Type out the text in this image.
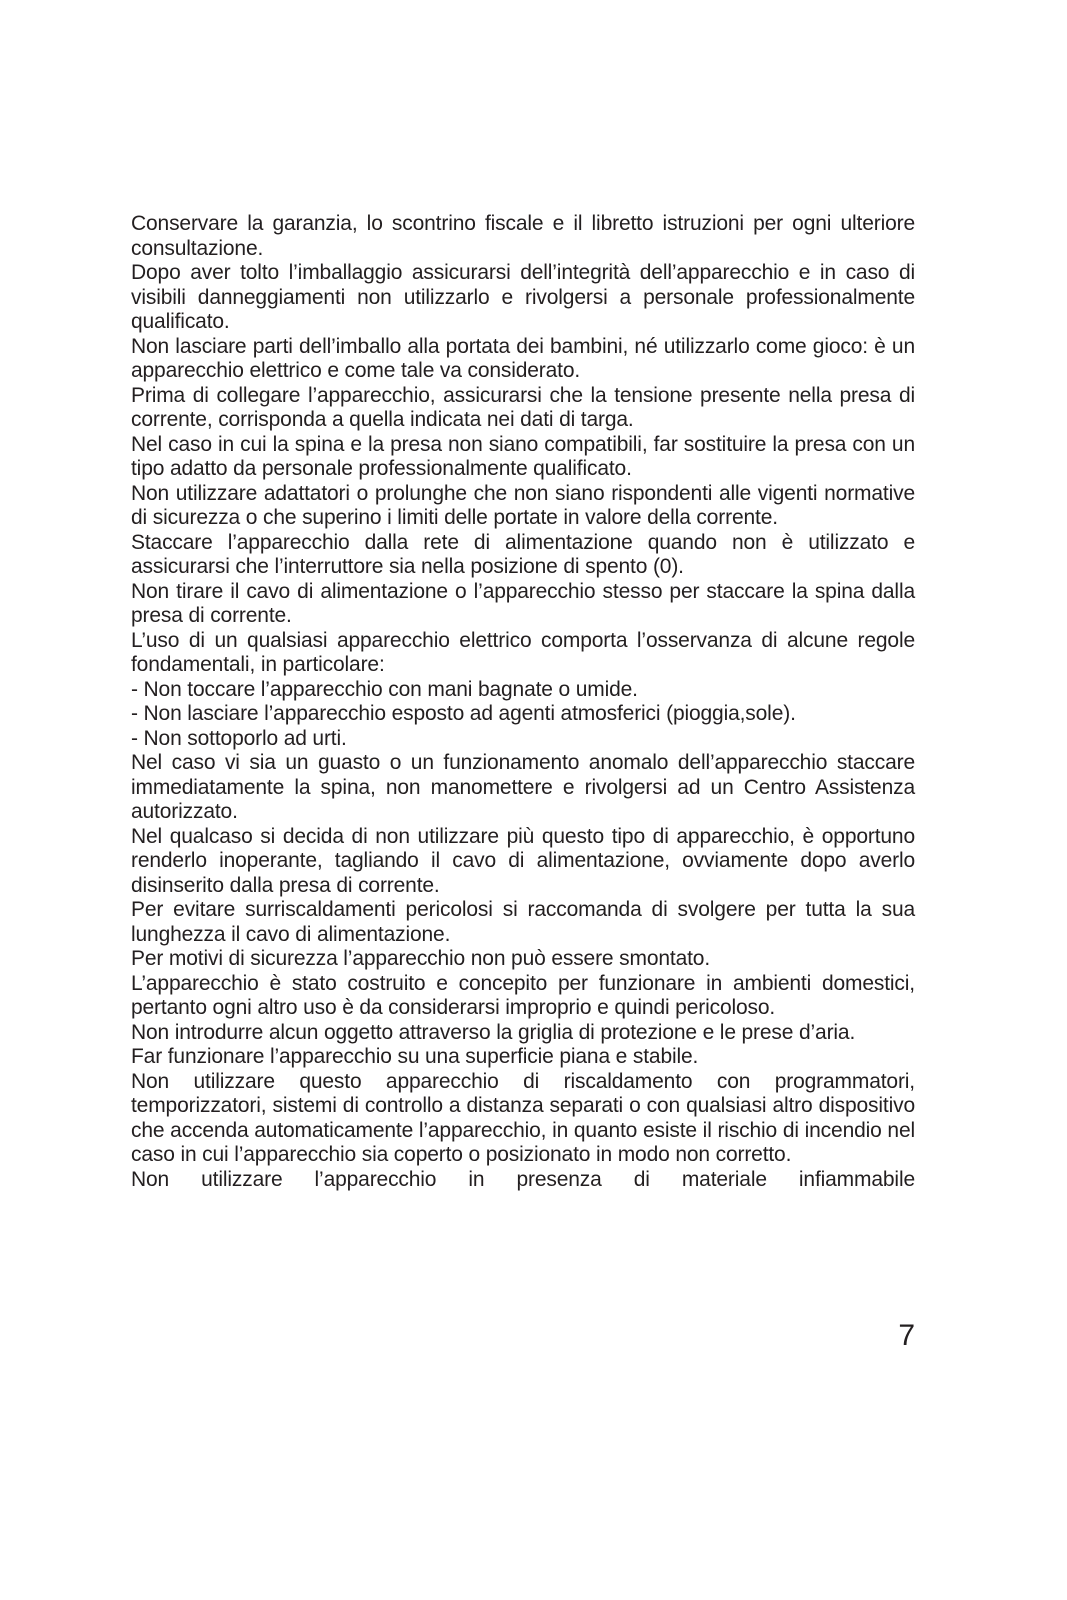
Conservare la garanzia, lo scontrino fiscale e il libretto istruzioni per ogni ulteriore consultazione.

Dopo aver tolto l’imballaggio assicurarsi dell’integrità dell’apparecchio e in caso di visibili danneggiamenti non utilizzarlo e rivolgersi a personale professionalmente qualificato.

Non lasciare parti dell’imballo alla portata dei bambini, né utilizzarlo come gioco: è un apparecchio elettrico e come tale va considerato.

Prima di collegare l’apparecchio, assicurarsi che la tensione presente nella presa di corrente, corrisponda a quella indicata nei dati di targa.

Nel caso in cui la spina e la presa non siano compatibili, far sostituire la presa con un tipo adatto da personale professionalmente qualificato.

Non utilizzare adattatori o prolunghe che non siano rispondenti alle vigenti normative di sicurezza o che superino i limiti delle portate in valore della corrente.

Staccare l’apparecchio dalla rete di alimentazione quando non è utilizzato e assicurarsi che l’interruttore sia nella posizione di spento (0).

Non tirare il cavo di alimentazione o l’apparecchio stesso per staccare la spina dalla presa di corrente.

L’uso di un qualsiasi apparecchio elettrico comporta l’osservanza di alcune regole fondamentali, in particolare:

- Non toccare l’apparecchio con mani bagnate o umide.

- Non lasciare l’apparecchio esposto ad agenti atmosferici (pioggia,sole).

- Non sottoporlo ad urti.

Nel caso vi sia un guasto o un funzionamento anomalo dell’apparecchio staccare immediatamente la spina, non manomettere e rivolgersi ad un Centro Assistenza autorizzato.

Nel qualcaso si decida di non utilizzare più questo tipo di apparecchio, è opportuno renderlo inoperante, tagliando il cavo di alimentazione, ovviamente dopo averlo disinserito dalla presa di corrente.

Per evitare surriscaldamenti pericolosi si raccomanda di svolgere per tutta la sua lunghezza il cavo di alimentazione.

Per motivi di sicurezza l’apparecchio non può essere smontato.

L’apparecchio è stato costruito e concepito per funzionare in ambienti domestici, pertanto ogni altro uso è da considerarsi improprio e quindi pericoloso.

Non introdurre alcun oggetto attraverso la griglia di protezione e le prese d’aria.

Far funzionare l’apparecchio su una superficie piana e stabile.

Non utilizzare questo apparecchio di riscaldamento con programmatori, temporizzatori, sistemi di controllo a distanza separati o con qualsiasi altro dispositivo che accenda automaticamente l’apparecchio, in quanto esiste il rischio di incendio nel caso in cui l’apparecchio sia coperto o posizionato in modo non corretto.

Non utilizzare l’apparecchio in presenza di materiale infiammabile

7
